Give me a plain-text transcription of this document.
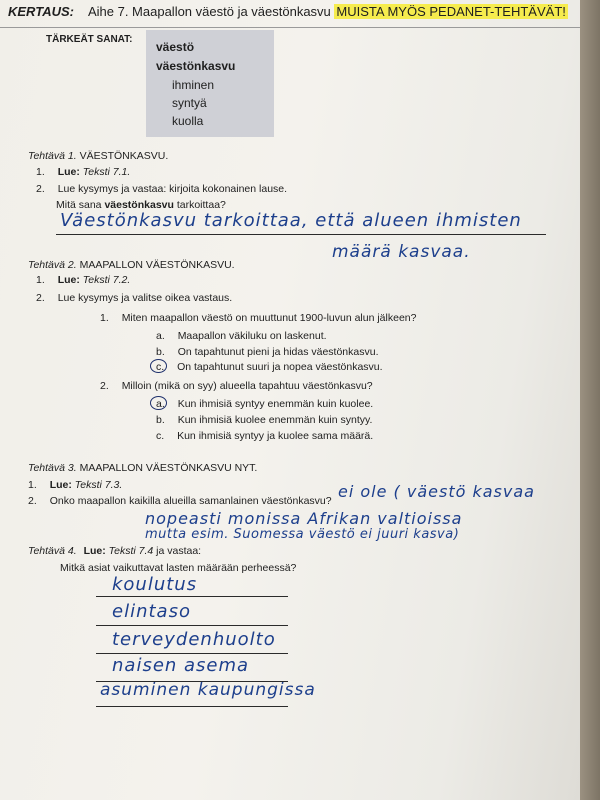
KERTAUS: Aihe 7. Maapallon väestö ja väestönkasvu MUISTA MYÖS PEDANET-TEHTÄVÄT!
TÄRKEÄT SANAT:
väestö
väestönkasvu
ihminen
syntyä
kuolla
Tehtävä 1. VÄESTÖNKASVU.
1. Lue: Teksti 7.1.
2. Lue kysymys ja vastaa: kirjoita kokonainen lause.
Mitä sana väestönkasvu tarkoittaa?
Väestönkasvu tarkoittaa, että alueen ihmisten
määrä kasvaa.
Tehtävä 2. MAAPALLON VÄESTÖNKASVU.
1. Lue: Teksti 7.2.
2. Lue kysymys ja valitse oikea vastaus.
1. Miten maapallon väestö on muuttunut 1900-luvun alun jälkeen?
a. Maapallon väkiluku on laskenut.
b. On tapahtunut pieni ja hidas väestönkasvu.
c. On tapahtunut suuri ja nopea väestönkasvu.
2. Milloin (mikä on syy) alueella tapahtuu väestönkasvu?
a. Kun ihmisiä syntyy enemmän kuin kuolee.
b. Kun ihmisiä kuolee enemmän kuin syntyy.
c. Kun ihmisiä syntyy ja kuolee sama määrä.
Tehtävä 3. MAAPALLON VÄESTÖNKASVU NYT.
1. Lue: Teksti 7.3.
2. Onko maapallon kaikilla alueilla samanlainen väestönkasvu? ei ole ( väestö kasvaa
nopeasti monissa Afrikan valtioissa
mutta esim. Suomessa väestö ei juuri kasva)
Tehtävä 4. Lue: Teksti 7.4 ja vastaa:
Mitkä asiat vaikuttavat lasten määrään perheessä?
koulutus
elintaso
terveydenhuolto
naisen asema
asuminen kaupungissa
